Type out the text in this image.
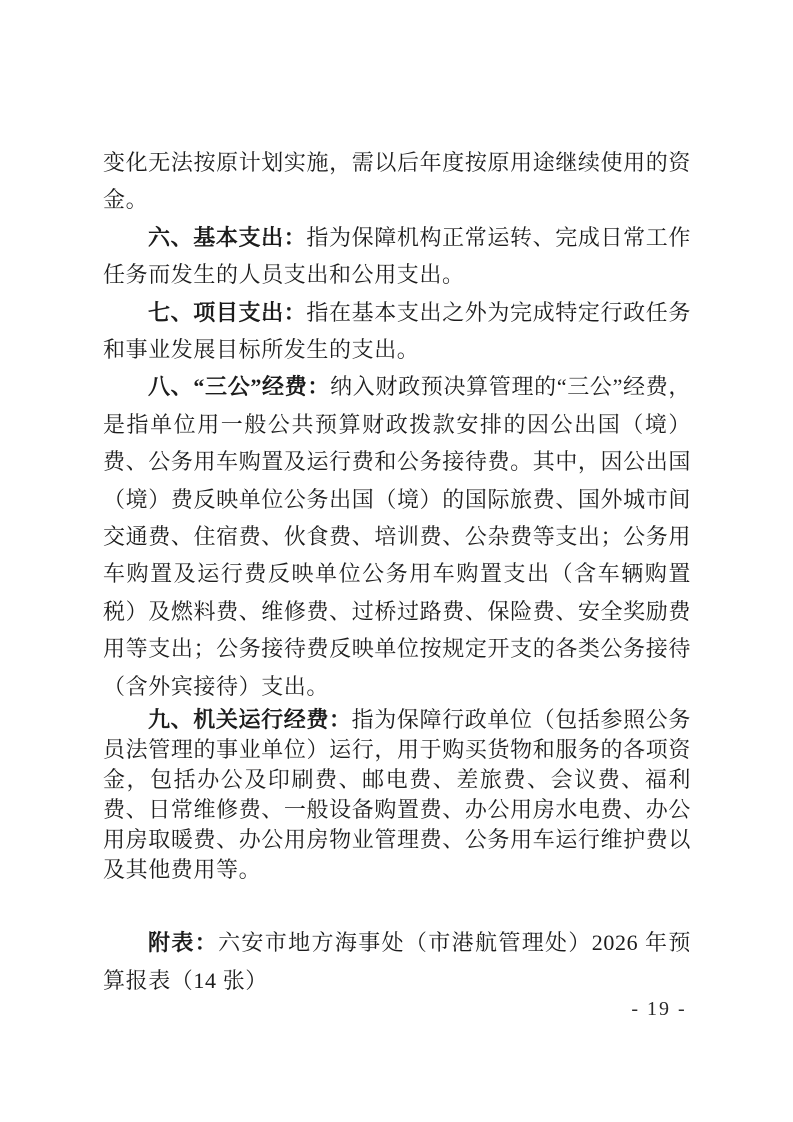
变化无法按原计划实施，需以后年度按原用途继续使用的资金。

六、基本支出：指为保障机构正常运转、完成日常工作任务而发生的人员支出和公用支出。

七、项目支出：指在基本支出之外为完成特定行政任务和事业发展目标所发生的支出。

八、“三公”经费：纳入财政预决算管理的“三公”经费，是指单位用一般公共预算财政拨款安排的因公出国（境）费、公务用车购置及运行费和公务接待费。其中，因公出国（境）费反映单位公务出国（境）的国际旅费、国外城市间交通费、住宿费、伙食费、培训费、公杂费等支出；公务用车购置及运行费反映单位公务用车购置支出（含车辆购置税）及燃料费、维修费、过桥过路费、保险费、安全奖励费用等支出；公务接待费反映单位按规定开支的各类公务接待（含外宾接待）支出。

九、机关运行经费：指为保障行政单位（包括参照公务员法管理的事业单位）运行，用于购买货物和服务的各项资金，包括办公及印刷费、邮电费、差旅费、会议费、福利费、日常维修费、一般设备购置费、办公用房水电费、办公用房取暖费、办公用房物业管理费、公务用车运行维护费以及其他费用等。

附表：六安市地方海事处（市港航管理处）2026 年预算报表（14 张）

- 19 -
